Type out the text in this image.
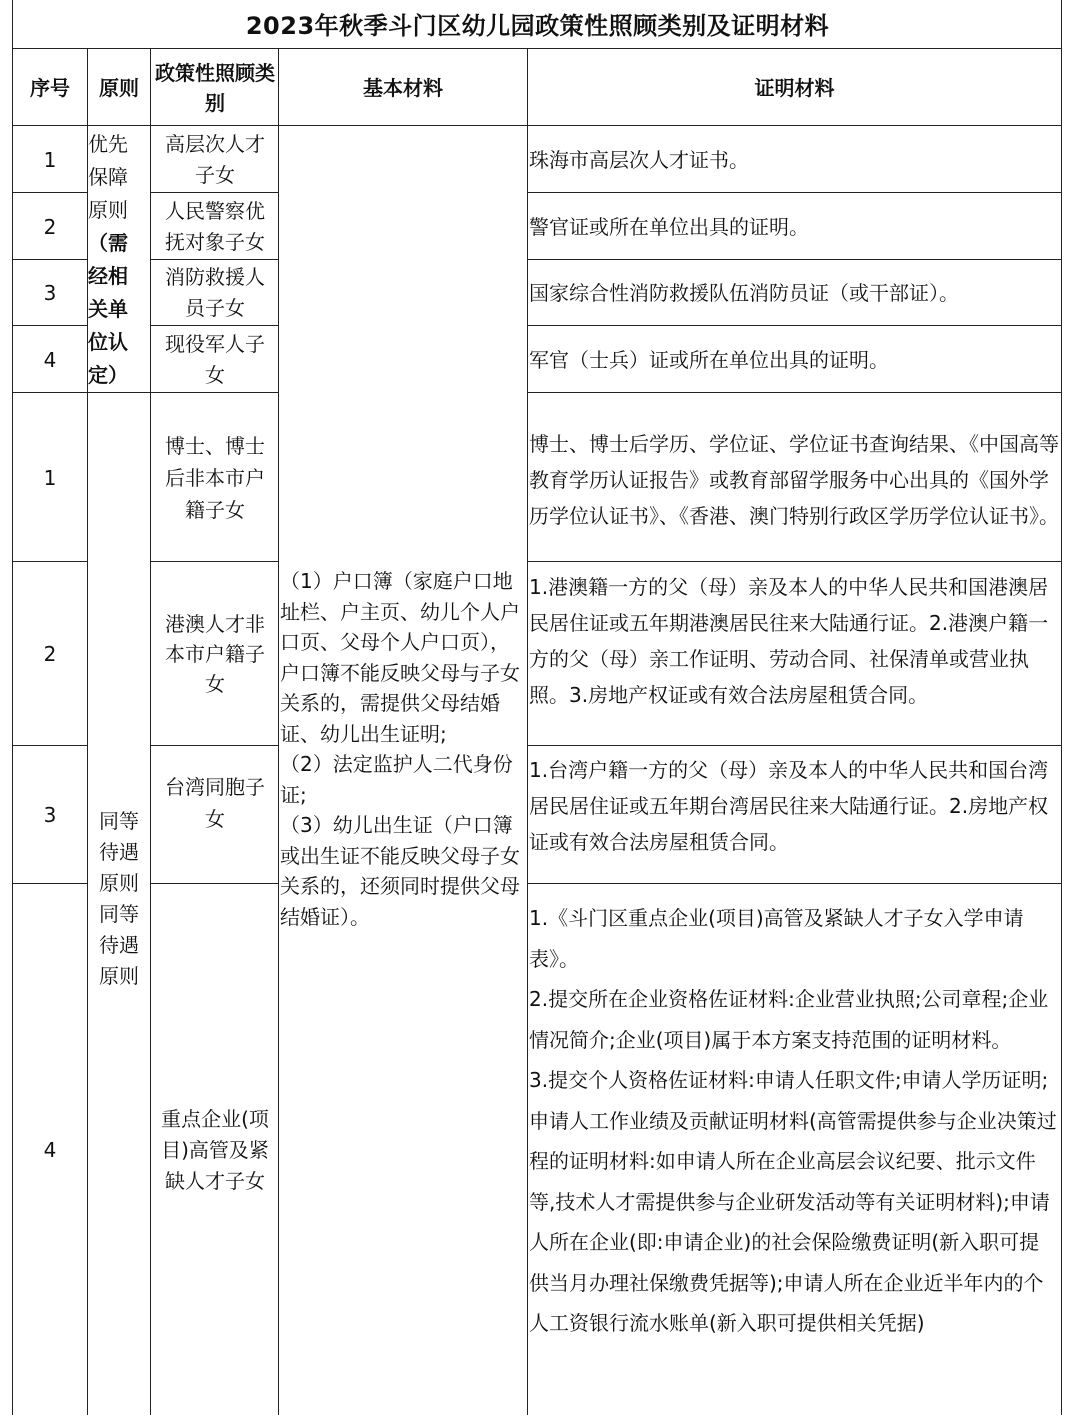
2023年秋季斗门区幼儿园政策性照顾类别及证明材料
序号	原则
政策性照顾类别
基本材料	证明材料
优先
保障
原则
（需
经相
关单
位认
定）
1
高层次人才子女
珠海市高层次人才证书。
2
人民警察优抚对象子女
警官证或所在单位出具的证明。
3
消防救援人员子女
国家综合性消防救援队伍消防员证（或干部证）。
4
现役军人子女
军官（士兵）证或所在单位出具的证明。
同等
待遇
原则
同等
待遇
原则
1
博士、博士后非本市户籍子女
博士、博士后学历、学位证、学位证书查询结果、《中国高等教育学历认证报告》或教育部留学服务中心出具的《国外学历学位认证书》、《香港、澳门特别行政区学历学位认证书》。
2
港澳人才非本市户籍子女
1.港澳籍一方的父（母）亲及本人的中华人民共和国港澳居民居住证或五年期港澳居民往来大陆通行证。2.港澳户籍一方的父（母）亲工作证明、劳动合同、社保清单或营业执照。3.房地产权证或有效合法房屋租赁合同。
3
台湾同胞子女
1.台湾户籍一方的父（母）亲及本人的中华人民共和国台湾居民居住证或五年期台湾居民往来大陆通行证。2.房地产权证或有效合法房屋租赁合同。
4
重点企业(项目)高管及紧缺人才子女

1.《斗门区重点企业(项目)高管及紧缺人才子女入学申请表》。

2.提交所在企业资格佐证材料:企业营业执照;公司章程;企业情况简介;企业(项目)属于本方案支持范围的证明材料。

3.提交个人资格佐证材料:申请人任职文件;申请人学历证明;申请人工作业绩及贡献证明材料(高管需提供参与企业决策过程的证明材料:如申请人所在企业高层会议纪要、批示文件等,技术人才需提供参与企业研发活动等有关证明材料);申请人所在企业(即:申请企业)的社会保险缴费证明(新入职可提

供当月办理社保缴费凭据等);申请人所在企业近半年内的个人工资银行流水账单(新入职可提供相关凭据)

（1）户口簿（家庭户口地址栏、户主页、幼儿个人户口页、父母个人户口页），户口簿不能反映父母与子女关系的，需提供父母结婚证、幼儿出生证明;

（2）法定监护人二代身份证;

（3）幼儿出生证（户口簿或出生证不能反映父母子女关系的，还须同时提供父母结婚证）。
